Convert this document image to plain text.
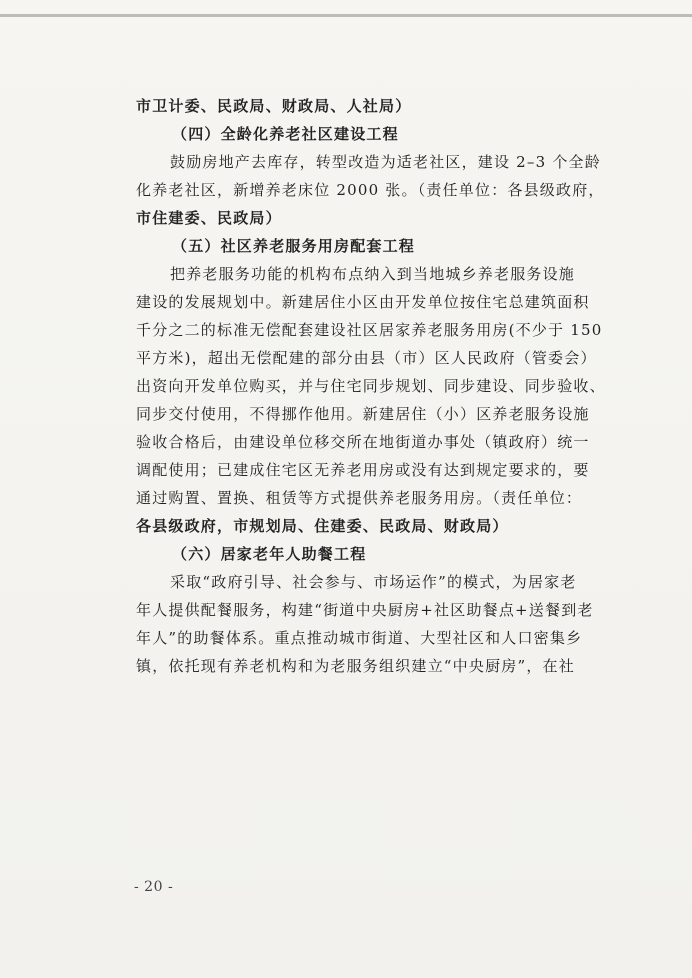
市卫计委、民政局、财政局、人社局）
（四）全龄化养老社区建设工程
鼓励房地产去库存，转型改造为适老社区，建设 2–3 个全龄
化养老社区，新增养老床位 2000 张。（责任单位：各县级政府，
市住建委、民政局）
（五）社区养老服务用房配套工程
把养老服务功能的机构布点纳入到当地城乡养老服务设施
建设的发展规划中。新建居住小区由开发单位按住宅总建筑面积
千分之二的标准无偿配套建设社区居家养老服务用房(不少于 150
平方米)，超出无偿配建的部分由县（市）区人民政府（管委会）
出资向开发单位购买，并与住宅同步规划、同步建设、同步验收、
同步交付使用，不得挪作他用。新建居住（小）区养老服务设施
验收合格后，由建设单位移交所在地街道办事处（镇政府）统一
调配使用；已建成住宅区无养老用房或没有达到规定要求的，要
通过购置、置换、租赁等方式提供养老服务用房。（责任单位：
各县级政府，市规划局、住建委、民政局、财政局）
（六）居家老年人助餐工程
采取“政府引导、社会参与、市场运作”的模式，为居家老
年人提供配餐服务，构建“街道中央厨房+社区助餐点+送餐到老
年人”的助餐体系。重点推动城市街道、大型社区和人口密集乡
镇，依托现有养老机构和为老服务组织建立“中央厨房”，在社
- 20 -
